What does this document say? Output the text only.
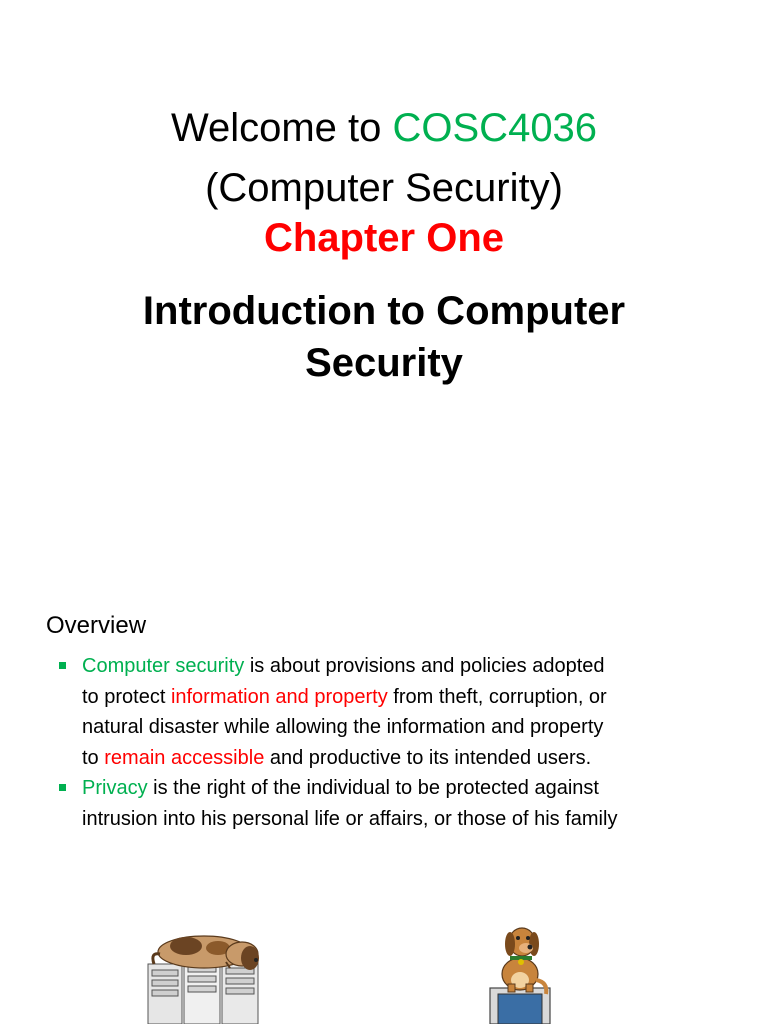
Welcome to COSC4036
(Computer Security)
Chapter One
Introduction to Computer
Security
Overview
Computer security is about provisions and policies adopted to protect information and property from theft, corruption, or natural disaster while allowing the information and property to remain accessible and productive to its intended users.
Privacy is the right of the individual to be protected against intrusion into his personal life or affairs, or those of his family
